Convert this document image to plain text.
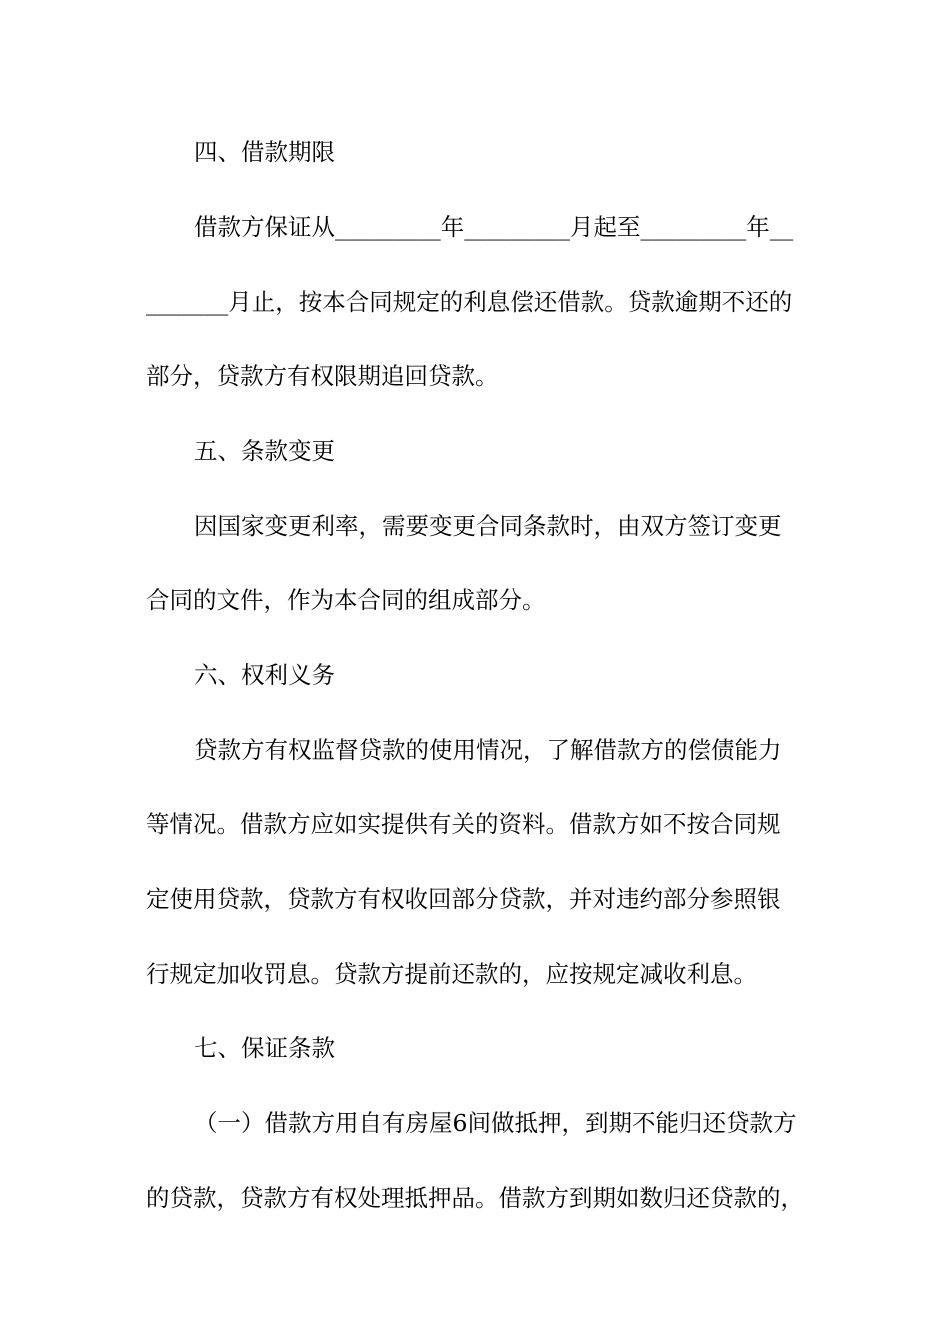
四、借款期限
借款方保证从_________年_________月起至_________年__
_______月止，按本合同规定的利息偿还借款。贷款逾期不还的
部分，贷款方有权限期追回贷款。
五、条款变更
因国家变更利率，需要变更合同条款时，由双方签订变更
合同的文件，作为本合同的组成部分。
六、权利义务
贷款方有权监督贷款的使用情况，了解借款方的偿债能力
等情况。借款方应如实提供有关的资料。借款方如不按合同规
定使用贷款，贷款方有权收回部分贷款，并对违约部分参照银
行规定加收罚息。贷款方提前还款的，应按规定减收利息。
七、保证条款
（一）借款方用自有房屋6间做抵押，到期不能归还贷款方
的贷款，贷款方有权处理抵押品。借款方到期如数归还贷款的，
